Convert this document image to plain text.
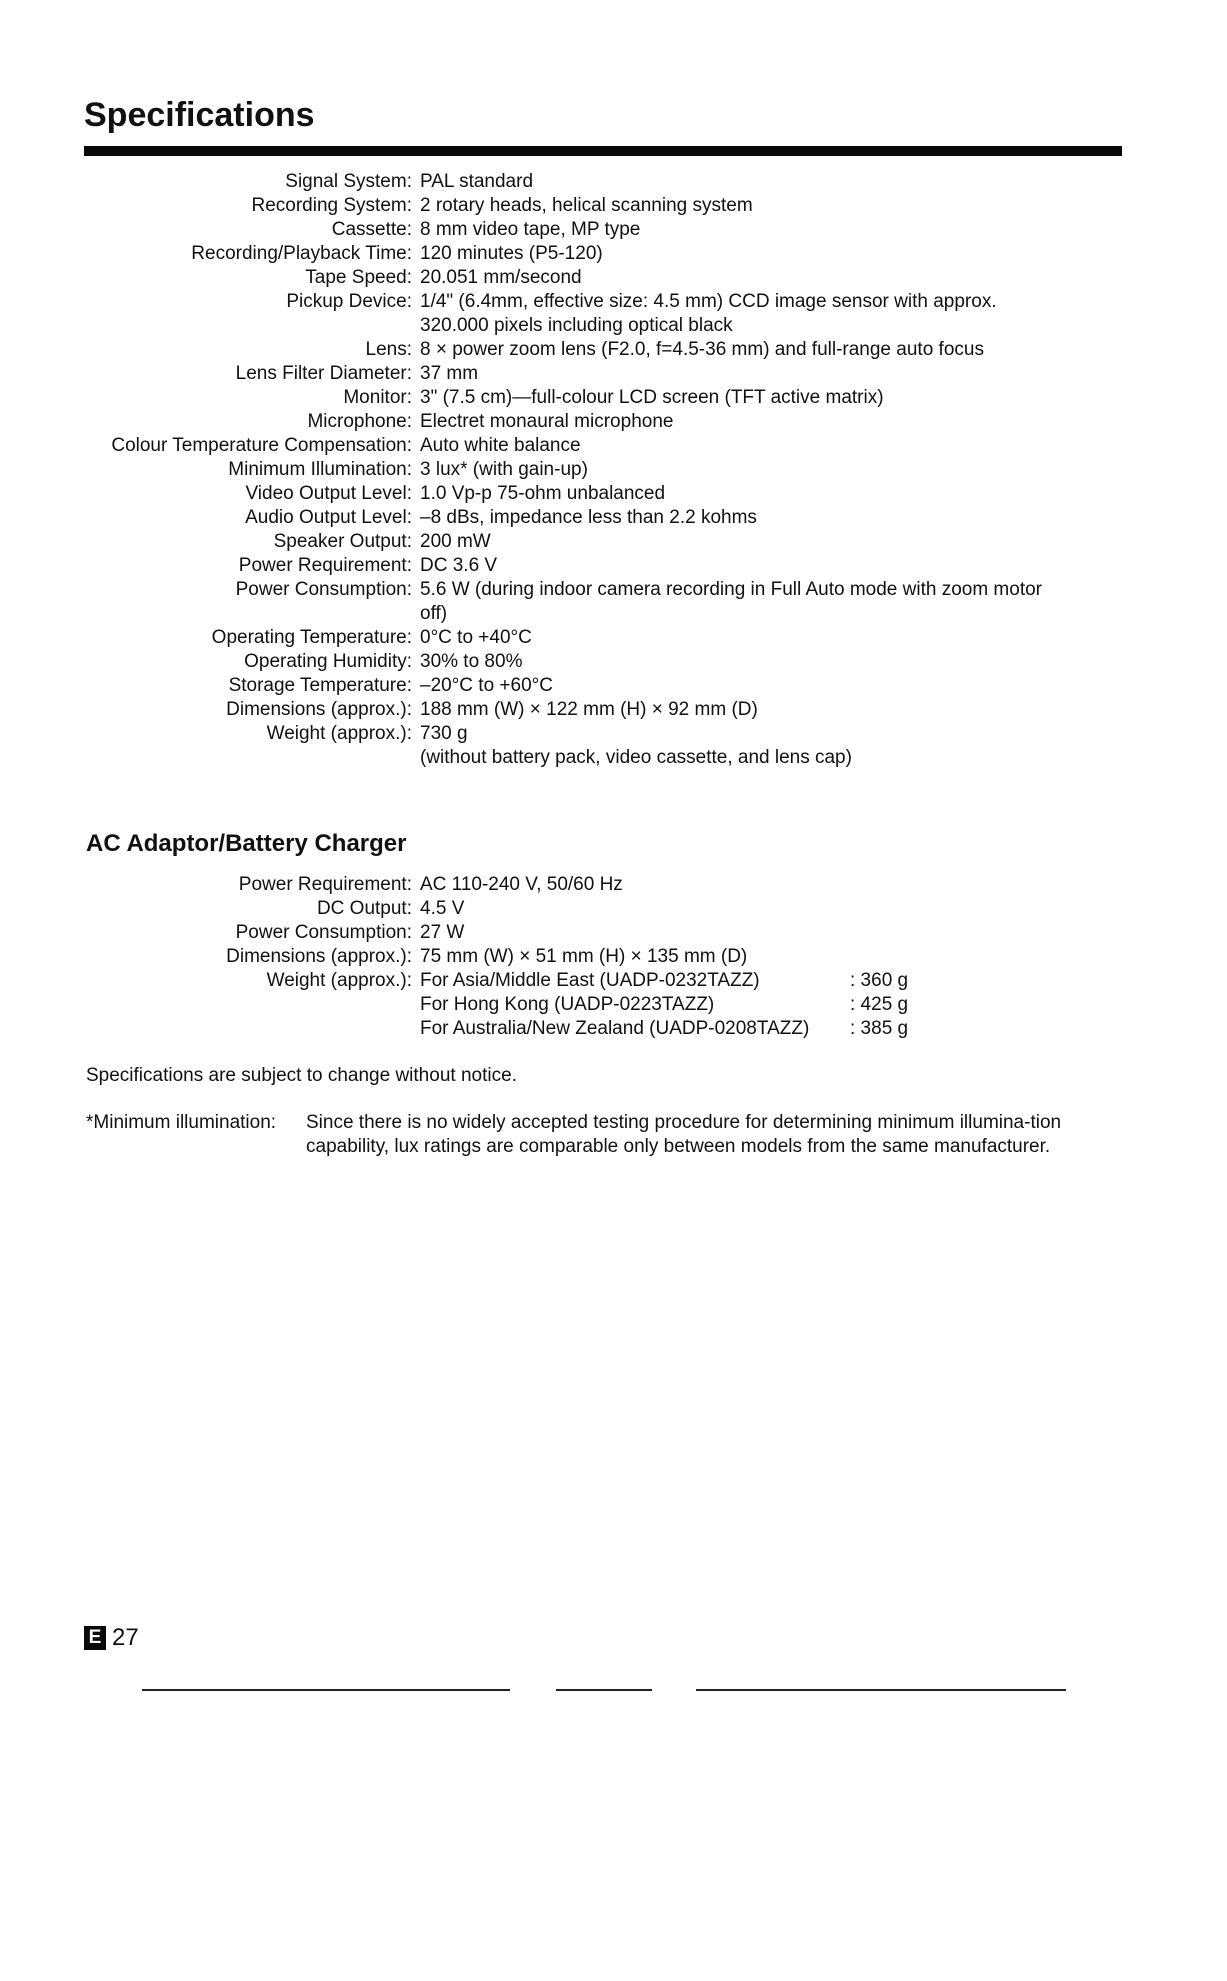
Specifications
Signal System: PAL standard
Recording System: 2 rotary heads, helical scanning system
Cassette: 8 mm video tape, MP type
Recording/Playback Time: 120 minutes (P5-120)
Tape Speed: 20.051 mm/second
Pickup Device: 1/4" (6.4mm, effective size: 4.5 mm) CCD image sensor with approx.
320.000 pixels including optical black
Lens: 8 × power zoom lens (F2.0, f=4.5-36 mm) and full-range auto focus
Lens Filter Diameter: 37 mm
Monitor: 3" (7.5 cm)—full-colour LCD screen (TFT active matrix)
Microphone: Electret monaural microphone
Colour Temperature Compensation: Auto white balance
Minimum Illumination: 3 lux* (with gain-up)
Video Output Level: 1.0 Vp-p 75-ohm unbalanced
Audio Output Level: –8 dBs, impedance less than 2.2 kohms
Speaker Output: 200 mW
Power Requirement: DC 3.6 V
Power Consumption: 5.6 W (during indoor camera recording in Full Auto mode with zoom motor
off)
Operating Temperature: 0°C to +40°C
Operating Humidity: 30% to 80%
Storage Temperature: –20°C to +60°C
Dimensions (approx.): 188 mm (W) × 122 mm (H) × 92 mm (D)
Weight (approx.): 730 g
(without battery pack, video cassette, and lens cap)
AC Adaptor/Battery Charger
Power Requirement: AC 110-240 V, 50/60 Hz
DC Output: 4.5 V
Power Consumption: 27 W
Dimensions (approx.): 75 mm (W) × 51 mm (H) × 135 mm (D)
Weight (approx.): For Asia/Middle East (UADP-0232TAZZ)	: 360 g
For Hong Kong (UADP-0223TAZZ)	: 425 g
For Australia/New Zealand (UADP-0208TAZZ)	: 385 g
Specifications are subject to change without notice.
*Minimum illumination:	Since there is no widely accepted testing procedure for determining minimum illumina-tion capability, lux ratings are comparable only between models from the same manufacturer.
E 27
